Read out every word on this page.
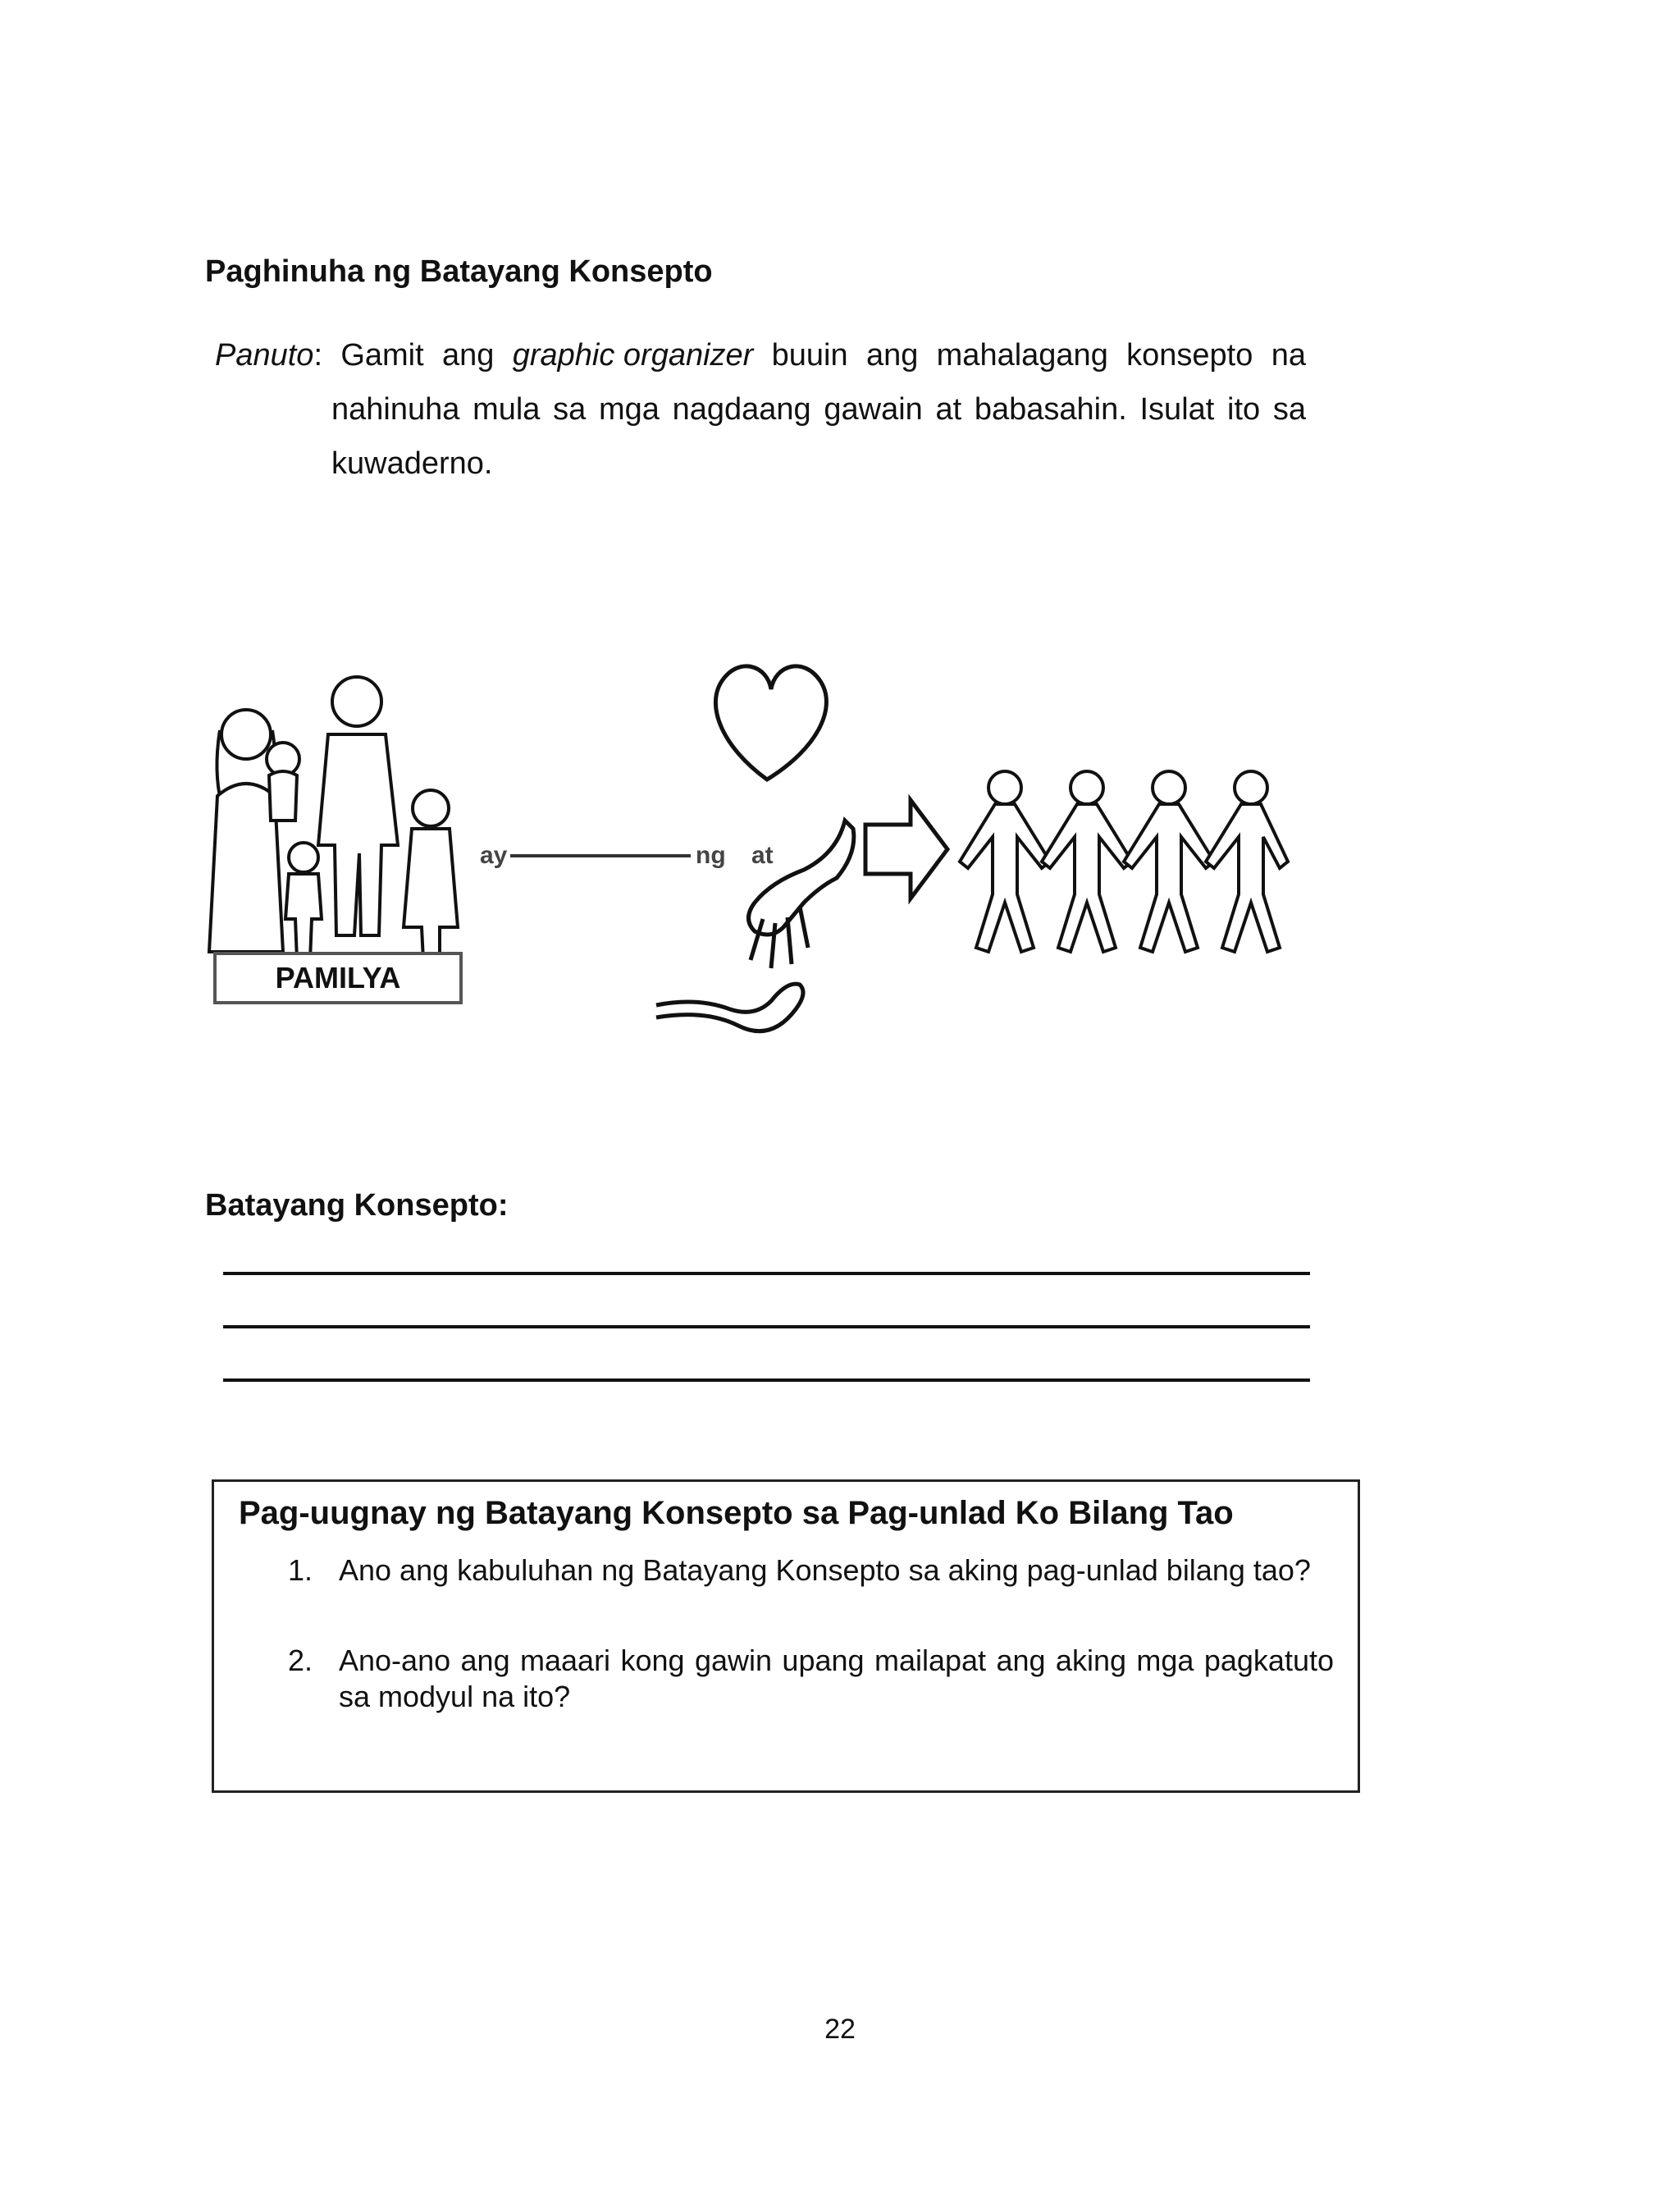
Paghinuha ng Batayang Konsepto
Panuto: Gamit ang graphic organizer buuin ang mahalagang konsepto na
nahinuha mula sa mga nagdaang gawain at babasahin. Isulat ito sa
kuwaderno.
PAMILYA
ay	ng at
Batayang Konsepto:
Pag-uugnay ng Batayang Konsepto sa Pag-unlad Ko Bilang Tao
1. Ano ang kabuluhan ng Batayang Konsepto sa aking pag-unlad bilang tao?
2. Ano-ano ang maaari kong gawin upang mailapat ang aking mga pagkatuto sa modyul na ito?
22
